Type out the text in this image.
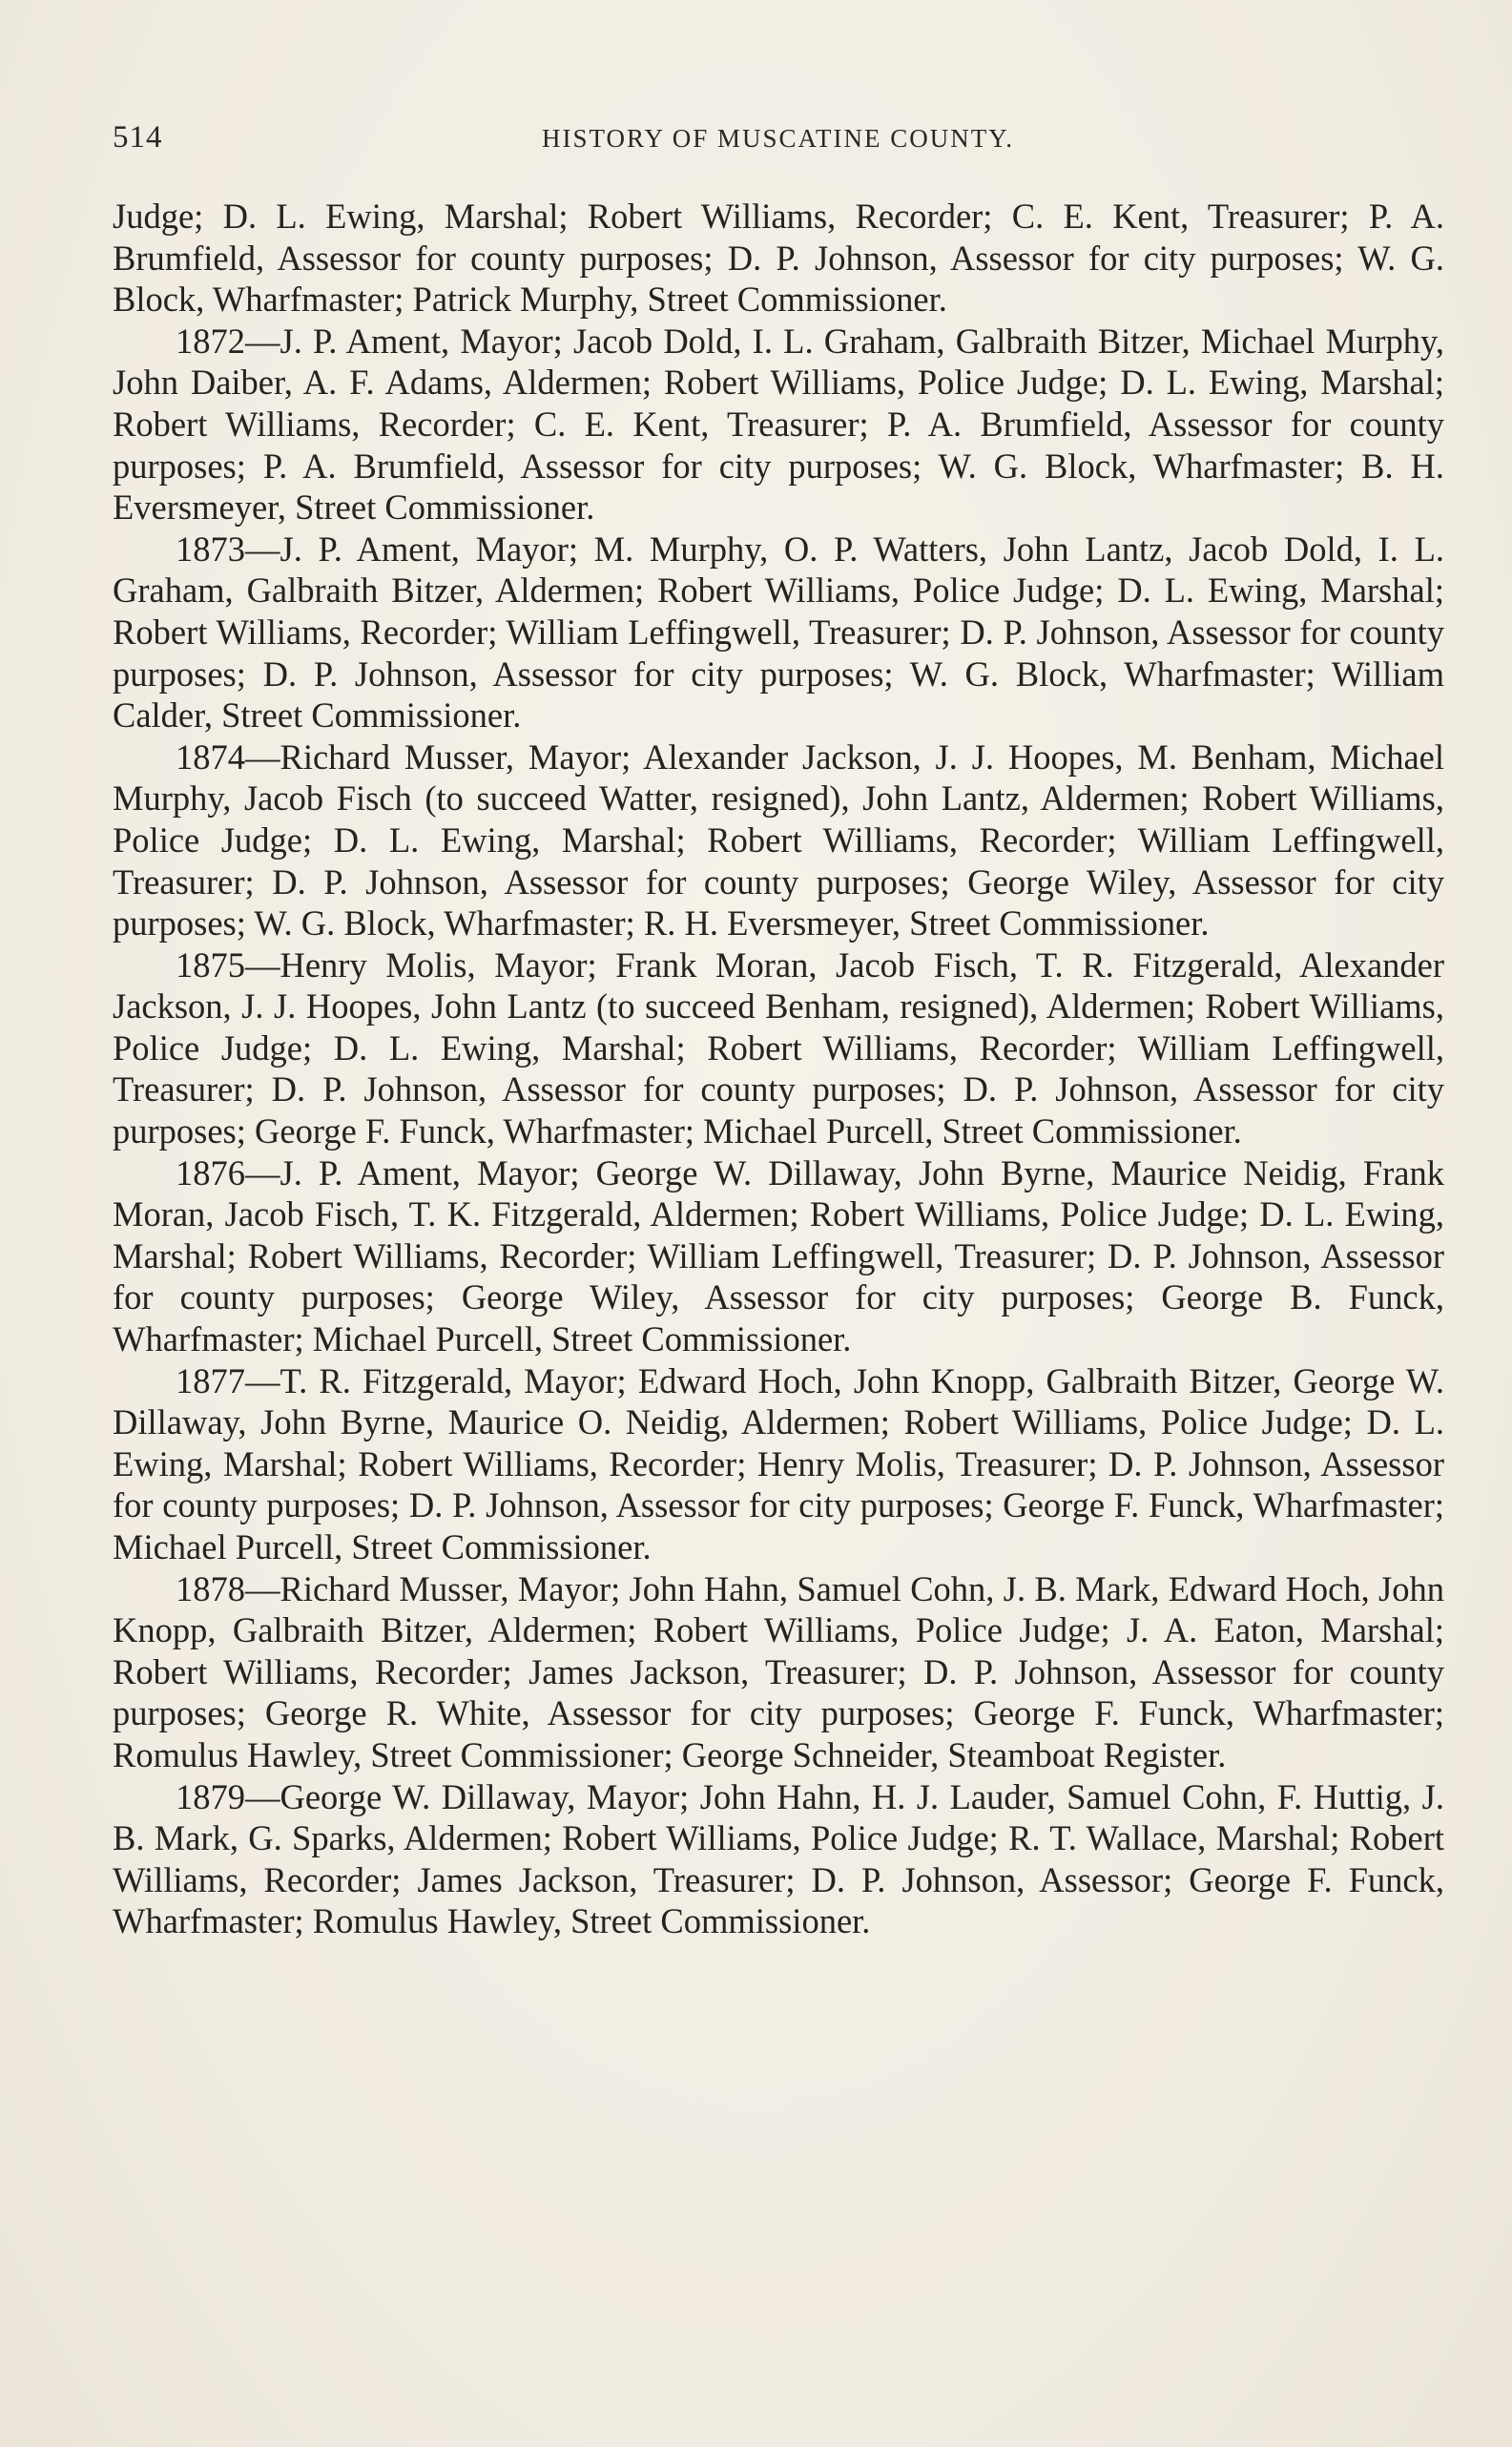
514	HISTORY OF MUSCATINE COUNTY.

Judge; D. L. Ewing, Marshal; Robert Williams, Recorder; C. E. Kent, Treasurer; P. A. Brumfield, Assessor for county purposes; D. P. Johnson, Assessor for city purposes; W. G. Block, Wharfmaster; Patrick Murphy, Street Commissioner.

1872—J. P. Ament, Mayor; Jacob Dold, I. L. Graham, Galbraith Bitzer, Michael Murphy, John Daiber, A. F. Adams, Aldermen; Robert Williams, Police Judge; D. L. Ewing, Marshal; Robert Williams, Recorder; C. E. Kent, Treasurer; P. A. Brumfield, Assessor for county purposes; P. A. Brumfield, Assessor for city purposes; W. G. Block, Wharfmaster; B. H. Eversmeyer, Street Commissioner.

1873—J. P. Ament, Mayor; M. Murphy, O. P. Watters, John Lantz, Jacob Dold, I. L. Graham, Galbraith Bitzer, Aldermen; Robert Williams, Police Judge; D. L. Ewing, Marshal; Robert Williams, Recorder; William Leffingwell, Treasurer; D. P. Johnson, Assessor for county purposes; D. P. Johnson, Assessor for city purposes; W. G. Block, Wharfmaster; William Calder, Street Commissioner.

1874—Richard Musser, Mayor; Alexander Jackson, J. J. Hoopes, M. Benham, Michael Murphy, Jacob Fisch (to succeed Watter, resigned), John Lantz, Aldermen; Robert Williams, Police Judge; D. L. Ewing, Marshal; Robert Williams, Recorder; William Leffingwell, Treasurer; D. P. Johnson, Assessor for county purposes; George Wiley, Assessor for city purposes; W. G. Block, Wharfmaster; R. H. Eversmeyer, Street Commissioner.

1875—Henry Molis, Mayor; Frank Moran, Jacob Fisch, T. R. Fitzgerald, Alexander Jackson, J. J. Hoopes, John Lantz (to succeed Benham, resigned), Aldermen; Robert Williams, Police Judge; D. L. Ewing, Marshal; Robert Williams, Recorder; William Leffingwell, Treasurer; D. P. Johnson, Assessor for county purposes; D. P. Johnson, Assessor for city purposes; George F. Funck, Wharfmaster; Michael Purcell, Street Commissioner.

1876—J. P. Ament, Mayor; George W. Dillaway, John Byrne, Maurice Neidig, Frank Moran, Jacob Fisch, T. K. Fitzgerald, Aldermen; Robert Williams, Police Judge; D. L. Ewing, Marshal; Robert Williams, Recorder; William Leffingwell, Treasurer; D. P. Johnson, Assessor for county purposes; George Wiley, Assessor for city purposes; George B. Funck, Wharfmaster; Michael Purcell, Street Commissioner.

1877—T. R. Fitzgerald, Mayor; Edward Hoch, John Knopp, Galbraith Bitzer, George W. Dillaway, John Byrne, Maurice O. Neidig, Aldermen; Robert Williams, Police Judge; D. L. Ewing, Marshal; Robert Williams, Recorder; Henry Molis, Treasurer; D. P. Johnson, Assessor for county purposes; D. P. Johnson, Assessor for city purposes; George F. Funck, Wharfmaster; Michael Purcell, Street Commissioner.

1878—Richard Musser, Mayor; John Hahn, Samuel Cohn, J. B. Mark, Edward Hoch, John Knopp, Galbraith Bitzer, Aldermen; Robert Williams, Police Judge; J. A. Eaton, Marshal; Robert Williams, Recorder; James Jackson, Treasurer; D. P. Johnson, Assessor for county purposes; George R. White, Assessor for city purposes; George F. Funck, Wharfmaster; Romulus Hawley, Street Commissioner; George Schneider, Steamboat Register.

1879—George W. Dillaway, Mayor; John Hahn, H. J. Lauder, Samuel Cohn, F. Huttig, J. B. Mark, G. Sparks, Aldermen; Robert Williams, Police Judge; R. T. Wallace, Marshal; Robert Williams, Recorder; James Jackson, Treasurer; D. P. Johnson, Assessor; George F. Funck, Wharfmaster; Romulus Hawley, Street Commissioner.
